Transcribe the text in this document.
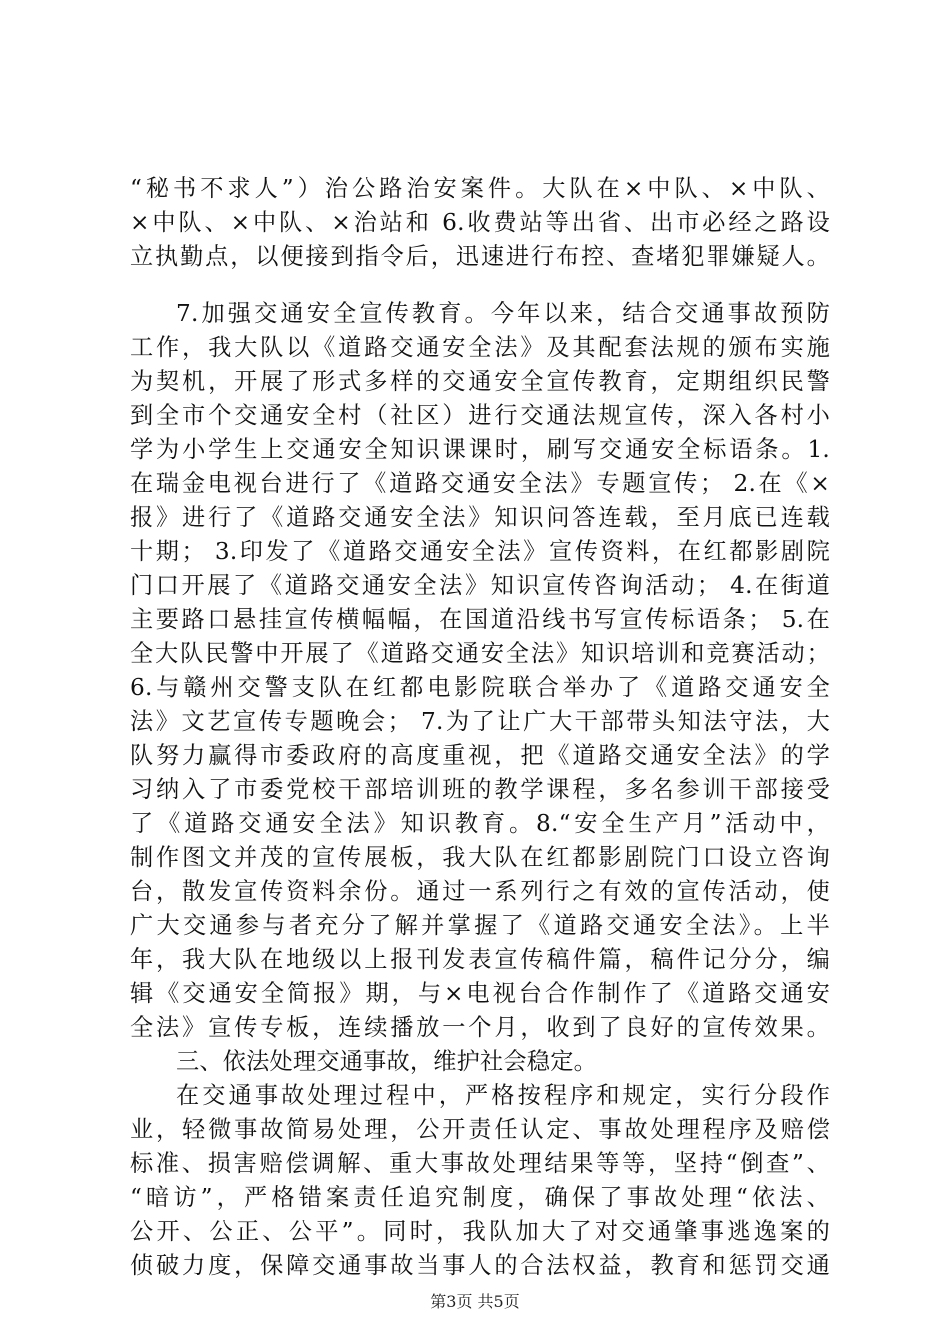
“秘书不求人”）治公路治安案件。大队在×中队、×中队、
×中队、×中队、×治站和 6.收费站等出省、出市必经之路设
立执勤点，以便接到指令后，迅速进行布控、查堵犯罪嫌疑人。
7.加强交通安全宣传教育。今年以来，结合交通事故预防
工作，我大队以《道路交通安全法》及其配套法规的颁布实施
为契机，开展了形式多样的交通安全宣传教育，定期组织民警
到全市个交通安全村（社区）进行交通法规宣传，深入各村小
学为小学生上交通安全知识课课时，刷写交通安全标语条。1.
在瑞金电视台进行了《道路交通安全法》专题宣传； 2.在《×
报》进行了《道路交通安全法》知识问答连载，至月底已连载
十期； 3.印发了《道路交通安全法》宣传资料，在红都影剧院
门口开展了《道路交通安全法》知识宣传咨询活动； 4.在街道
主要路口悬挂宣传横幅幅，在国道沿线书写宣传标语条； 5.在
全大队民警中开展了《道路交通安全法》知识培训和竞赛活动；
6.与赣州交警支队在红都电影院联合举办了《道路交通安全
法》文艺宣传专题晚会； 7.为了让广大干部带头知法守法，大
队努力赢得市委政府的高度重视，把《道路交通安全法》的学
习纳入了市委党校干部培训班的教学课程，多名参训干部接受
了《道路交通安全法》知识教育。8.“安全生产月”活动中，
制作图文并茂的宣传展板，我大队在红都影剧院门口设立咨询
台，散发宣传资料余份。通过一系列行之有效的宣传活动，使
广大交通参与者充分了解并掌握了《道路交通安全法》。上半
年，我大队在地级以上报刊发表宣传稿件篇，稿件记分分，编
辑《交通安全简报》期，与×电视台合作制作了《道路交通安
全法》宣传专板，连续播放一个月，收到了良好的宣传效果。
三、依法处理交通事故，维护社会稳定。
在交通事故处理过程中，严格按程序和规定，实行分段作
业，轻微事故简易处理，公开责任认定、事故处理程序及赔偿
标准、损害赔偿调解、重大事故处理结果等等，坚持“倒查”、
“暗访”，严格错案责任追究制度，确保了事故处理“依法、
公开、公正、公平”。同时，我队加大了对交通肇事逃逸案的
侦破力度，保障交通事故当事人的合法权益，教育和惩罚交通
第3页 共5页
